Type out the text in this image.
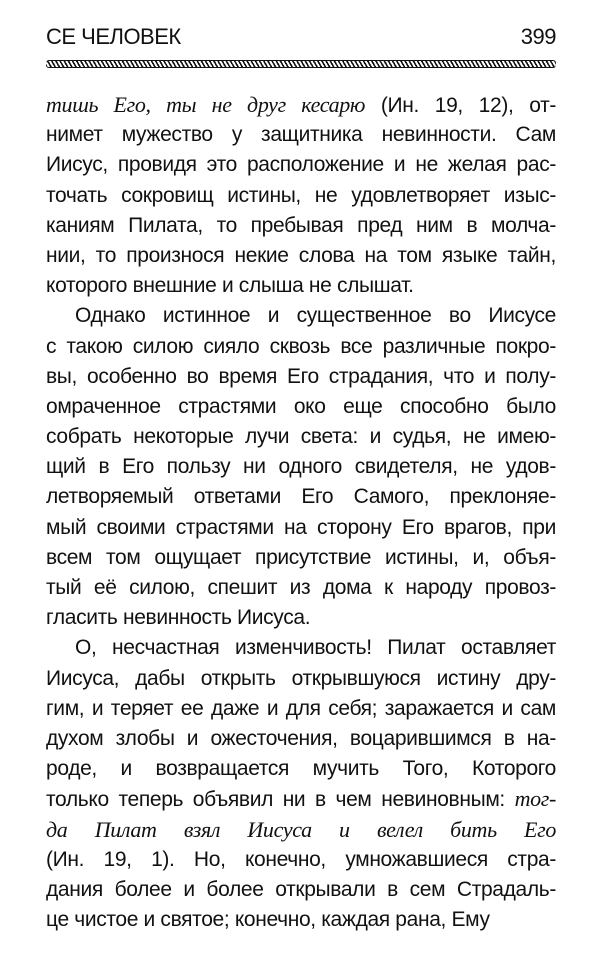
СЕ ЧЕЛОВЕК	399
тишь Его, ты не друг кесарю (Ин. 19, 12), от-
нимет мужество у защитника невинности. Сам
Иисус, провидя это расположение и не желая рас-
точать сокровищ истины, не удовлетворяет изыс-
каниям Пилата, то пребывая пред ним в молча-
нии, то произнося некие слова на том языке тайн,
которого внешние и слыша не слышат.
Однако истинное и существенное во Иисусе
с такою силою сияло сквозь все различные покро-
вы, особенно во время Его страдания, что и полу-
омраченное страстями око еще способно было
собрать некоторые лучи света: и судья, не имею-
щий в Его пользу ни одного свидетеля, не удов-
летворяемый ответами Его Самого, преклоняе-
мый своими страстями на сторону Его врагов, при
всем том ощущает присутствие истины, и, объя-
тый её силою, спешит из дома к народу провоз-
гласить невинность Иисуса.
О, несчастная изменчивость! Пилат оставляет
Иисуса, дабы открыть открывшуюся истину дру-
гим, и теряет ее даже и для себя; заражается и сам
духом злобы и ожесточения, воцарившимся в на-
роде, и возвращается мучить Того, Которого
только теперь объявил ни в чем невиновным: тог-
да Пилат взял Иисуса и велел бить Его
(Ин. 19, 1). Но, конечно, умножавшиеся стра-
дания более и более открывали в сем Страдаль-
це чистое и святое; конечно, каждая рана, Ему
